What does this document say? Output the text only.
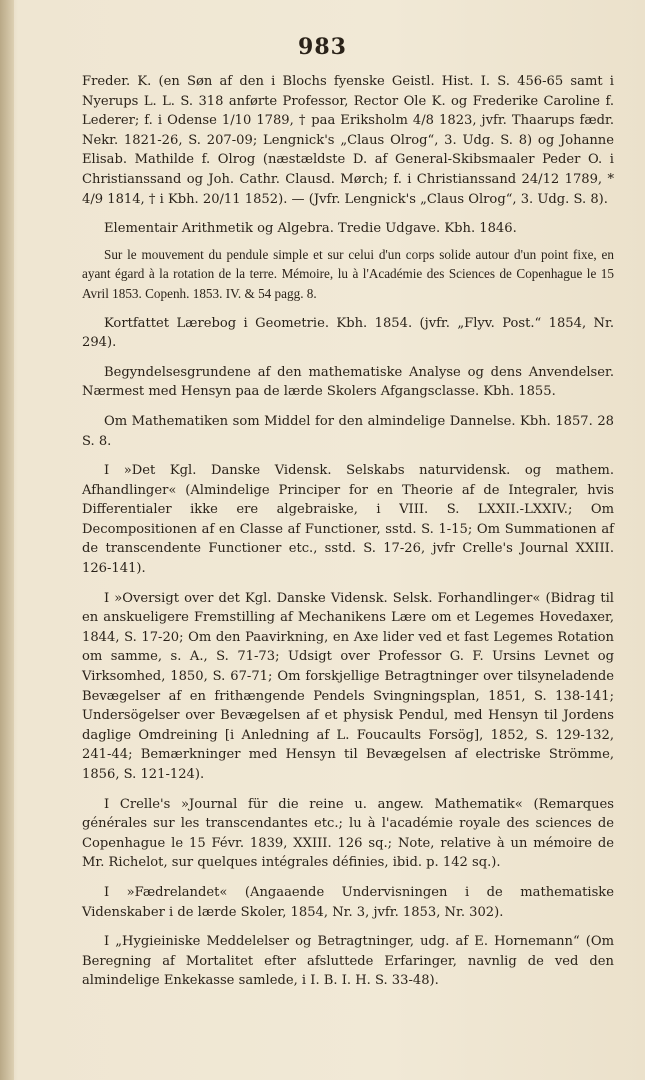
983

Freder. K. (en Søn af den i Blochs fyenske Geistl. Hist. I. S. 456-65 samt i Nyerups L. L. S. 318 anførte Professor, Rector Ole K. og Frederike Caroline f. Lederer; f. i Odense 1/10 1789, † paa Eriksholm 4/8 1823, jvfr. Thaarups fædr. Nekr. 1821-26, S. 207-09; Lengnick's „Claus Olrog“, 3. Udg. S. 8) og Johanne Elisab. Mathilde f. Olrog (næstældste D. af General-Skibsmaaler Peder O. i Christianssand og Joh. Cathr. Clausd. Mørch; f. i Christianssand 24/12 1789, * 4/9 1814, † i Kbh. 20/11 1852). — (Jvfr. Lengnick's „Claus Olrog“, 3. Udg. S. 8).

Elementair Arithmetik og Algebra. Tredie Udgave. Kbh. 1846.

Sur le mouvement du pendule simple et sur celui d'un corps solide autour d'un point fixe, en ayant égard à la rotation de la terre. Mémoire, lu à l'Académie des Sciences de Copenhague le 15 Avril 1853. Copenh. 1853. IV. & 54 pagg. 8.

Kortfattet Lærebog i Geometrie. Kbh. 1854. (jvfr. „Flyv. Post.“ 1854, Nr. 294).

Begyndelsesgrundene af den mathematiske Analyse og dens Anvendelser. Nærmest med Hensyn paa de lærde Skolers Afgangsclasse. Kbh. 1855.

Om Mathematiken som Middel for den almindelige Dannelse. Kbh. 1857. 28 S. 8.

I »Det Kgl. Danske Vidensk. Selskabs naturvidensk. og mathem. Afhandlinger« (Almindelige Principer for en Theorie af de Integraler, hvis Differentialer ikke ere algebraiske, i VIII. S. LXXII.-LXXIV.; Om Decompositionen af en Classe af Functioner, sstd. S. 1-15; Om Summationen af de transcendente Functioner etc., sstd. S. 17-26, jvfr Crelle's Journal XXIII. 126-141).

I »Oversigt over det Kgl. Danske Vidensk. Selsk. Forhandlinger« (Bidrag til en anskueligere Fremstilling af Mechanikens Lære om et Legemes Hovedaxer, 1844, S. 17-20; Om den Paavirkning, en Axe lider ved et fast Legemes Rotation om samme, s. A., S. 71-73; Udsigt over Professor G. F. Ursins Levnet og Virksomhed, 1850, S. 67-71; Om forskjellige Betragtninger over tilsyneladende Bevægelser af en frithængende Pendels Svingningsplan, 1851, S. 138-141; Undersögelser over Bevægelsen af et physisk Pendul, med Hensyn til Jordens daglige Omdreining [i Anledning af L. Foucaults Forsög], 1852, S. 129-132, 241-44; Bemærkninger med Hensyn til Bevægelsen af electriske Strömme, 1856, S. 121-124).

I Crelle's »Journal für die reine u. angew. Mathematik« (Remarques générales sur les transcendantes etc.; lu à l'académie royale des sciences de Copenhague le 15 Févr. 1839, XXIII. 126 sq.; Note, relative à un mémoire de Mr. Richelot, sur quelques intégrales définies, ibid. p. 142 sq.).

I »Fædrelandet« (Angaaende Undervisningen i de mathematiske Videnskaber i de lærde Skoler, 1854, Nr. 3, jvfr. 1853, Nr. 302).

I „Hygieiniske Meddelelser og Betragtninger, udg. af E. Hornemann“ (Om Beregning af Mortalitet efter afsluttede Erfaringer, navnlig de ved den almindelige Enkekasse samlede, i I. B. I. H. S. 33-48).
